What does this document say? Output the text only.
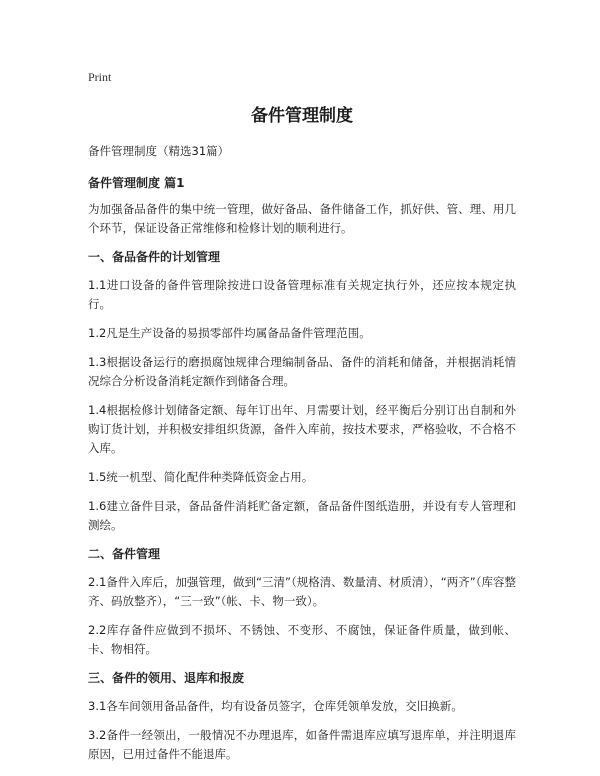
Print
备件管理制度

备件管理制度（精选31篇）

备件管理制度 篇1

为加强备品备件的集中统一管理，做好备品、备件储备工作，抓好供、管、理、用几个环节，保证设备正常维修和检修计划的顺利进行。

一、备品备件的计划管理

1.1进口设备的备件管理除按进口设备管理标准有关规定执行外，还应按本规定执行。

1.2凡是生产设备的易损零部件均属备品备件管理范围。

1.3根据设备运行的磨损腐蚀规律合理编制备品、备件的消耗和储备，并根据消耗情况综合分析设备消耗定额作到储备合理。

1.4根据检修计划储备定额、每年订出年、月需要计划，经平衡后分别订出自制和外购订货计划，并积极安排组织货源，备件入库前，按技术要求，严格验收，不合格不入库。

1.5统一机型、简化配件种类降低资金占用。

1.6建立备件目录，备品备件消耗贮备定额，备品备件图纸造册，并设有专人管理和测绘。

二、备件管理

2.1备件入库后，加强管理，做到“三清”（规格清、数量清、材质清），“两齐”（库容整齐、码放整齐），“三一致”（帐、卡、物一致）。

2.2库存备件应做到不损坏、不锈蚀、不变形、不腐蚀，保证备件质量，做到帐、卡、物相符。

三、备件的领用、退库和报废

3.1各车间领用备品备件，均有设备员签字，仓库凭领单发放，交旧换新。

3.2备件一经领出，一般情况不办理退库，如备件需退库应填写退库单，并注明退库原因，已用过备件不能退库。
